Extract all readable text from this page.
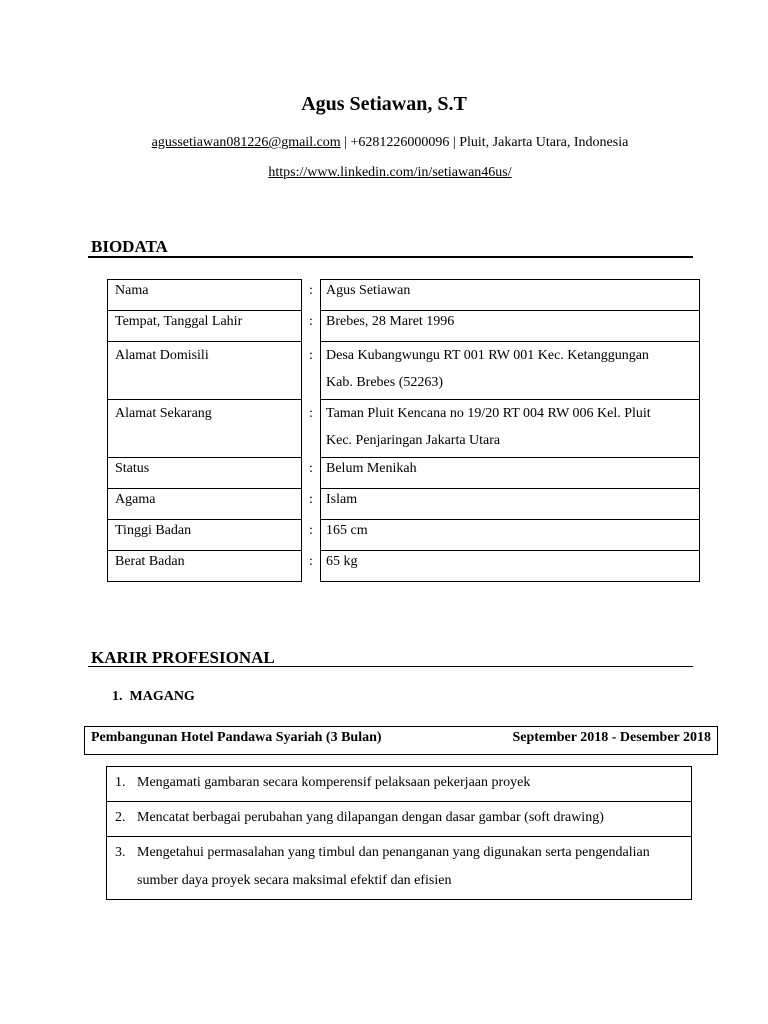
Agus Setiawan, S.T
agussetiawan081226@gmail.com | +6281226000096 | Pluit, Jakarta Utara, Indonesia
https://www.linkedin.com/in/setiawan46us/
BIODATA
Nama	:	Agus Setiawan
Tempat, Tanggal Lahir	:	Brebes, 28 Maret 1996
Alamat Domisili	:	Desa Kubangwungu RT 001 RW 001 Kec. Ketanggungan
Kab. Brebes (52263)

Alamat Sekarang	:	Taman Pluit Kencana no 19/20 RT 004 RW 006 Kel. Pluit
Kec. Penjaringan Jakarta Utara

Status	:	Belum Menikah
Agama	:	Islam
Tinggi Badan	:	165 cm
Berat Badan	:	65 kg
KARIR PROFESIONAL
1. MAGANG
Pembangunan Hotel Pandawa Syariah (3 Bulan)	September 2018 - Desember 2018
1. Mengamati gambaran secara komperensif pelaksaan pekerjaan proyek
2. Mencatat berbagai perubahan yang dilapangan dengan dasar gambar (soft drawing)

3. Mengetahui permasalahan yang timbul dan penanganan yang digunakan serta pengendalian
sumber daya proyek secara maksimal efektif dan efisien
